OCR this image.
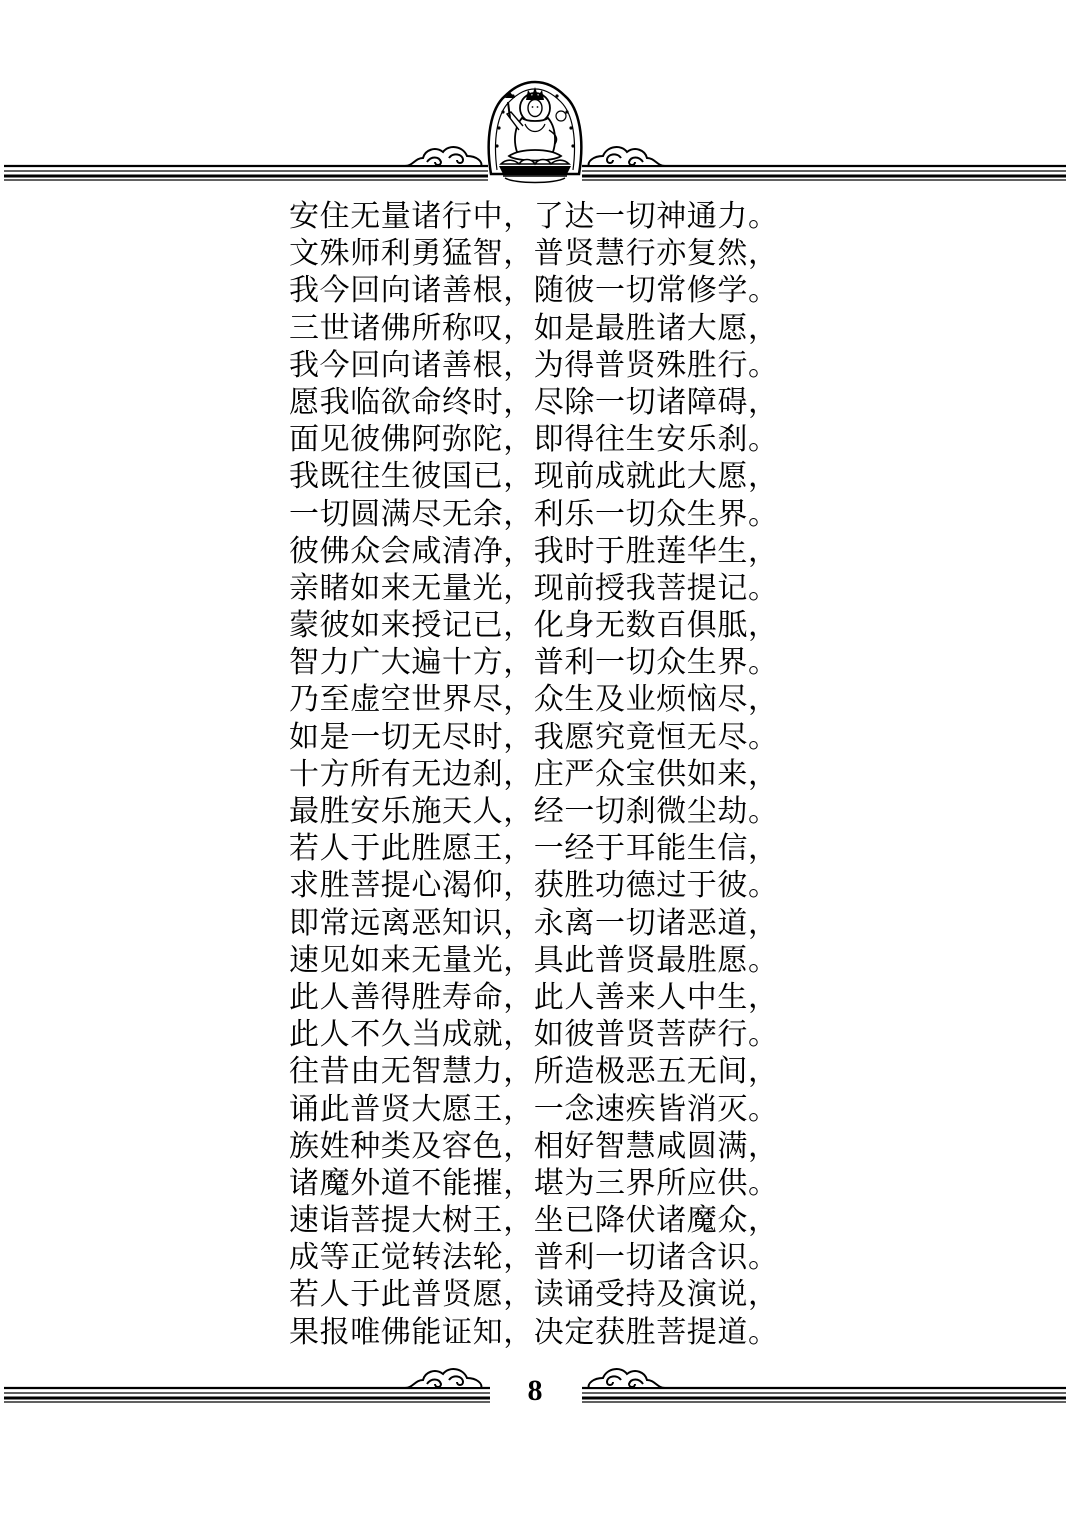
安住无量诸行中，了达一切神通力。
文殊师利勇猛智，普贤慧行亦复然，
我今回向诸善根，随彼一切常修学。
三世诸佛所称叹，如是最胜诸大愿，
我今回向诸善根，为得普贤殊胜行。
愿我临欲命终时，尽除一切诸障碍，
面见彼佛阿弥陀，即得往生安乐刹。
我既往生彼国已，现前成就此大愿，
一切圆满尽无余，利乐一切众生界。
彼佛众会咸清净，我时于胜莲华生，
亲睹如来无量光，现前授我菩提记。
蒙彼如来授记已，化身无数百俱胝，
智力广大遍十方，普利一切众生界。
乃至虚空世界尽，众生及业烦恼尽，
如是一切无尽时，我愿究竟恒无尽。
十方所有无边刹，庄严众宝供如来，
最胜安乐施天人，经一切刹微尘劫。
若人于此胜愿王，一经于耳能生信，
求胜菩提心渴仰，获胜功德过于彼。
即常远离恶知识，永离一切诸恶道，
速见如来无量光，具此普贤最胜愿。
此人善得胜寿命，此人善来人中生，
此人不久当成就，如彼普贤菩萨行。
往昔由无智慧力，所造极恶五无间，
诵此普贤大愿王，一念速疾皆消灭。
族姓种类及容色，相好智慧咸圆满，
诸魔外道不能摧，堪为三界所应供。
速诣菩提大树王，坐已降伏诸魔众，
成等正觉转法轮，普利一切诸含识。
若人于此普贤愿，读诵受持及演说，
果报唯佛能证知，决定获胜菩提道。
8
